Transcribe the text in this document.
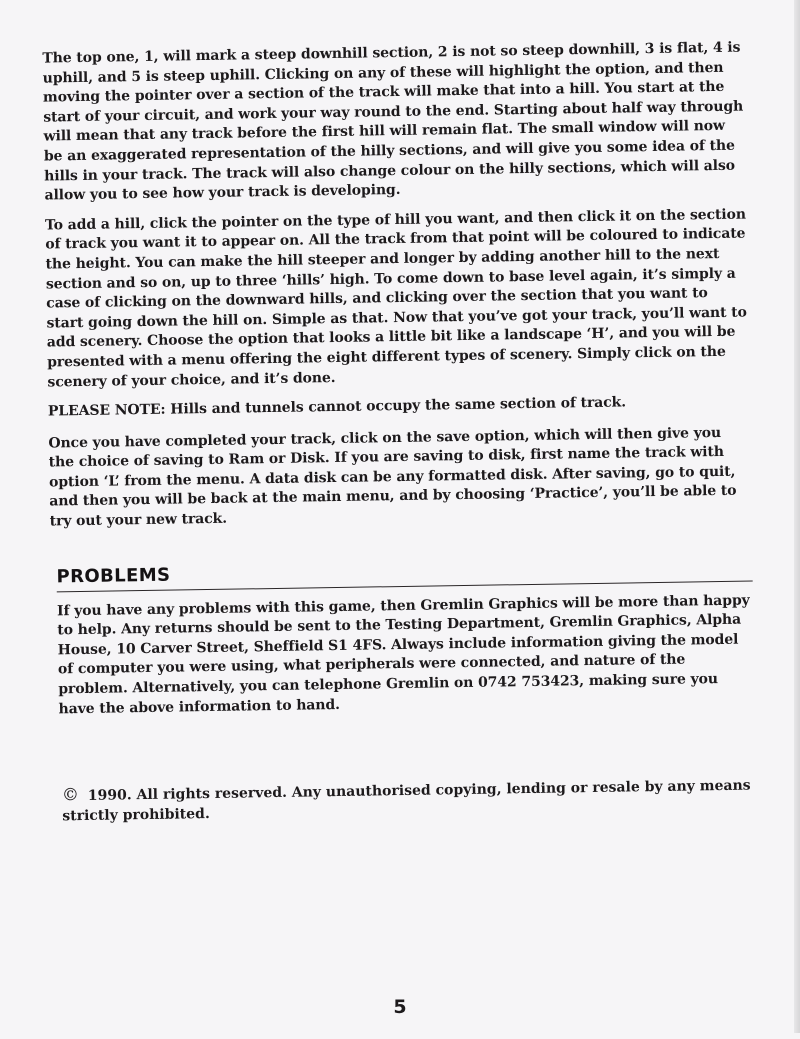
The top one, 1, will mark a steep downhill section, 2 is not so steep downhill, 3 is flat, 4 is uphill, and 5 is steep uphill. Clicking on any of these will highlight the option, and then moving the pointer over a section of the track will make that into a hill. You start at the start of your circuit, and work your way round to the end. Starting about half way through will mean that any track before the first hill will remain flat. The small window will now be an exaggerated representation of the hilly sections, and will give you some idea of the hills in your track. The track will also change colour on the hilly sections, which will also allow you to see how your track is developing.

To add a hill, click the pointer on the type of hill you want, and then click it on the section of track you want it to appear on. All the track from that point will be coloured to indicate the height. You can make the hill steeper and longer by adding another hill to the next section and so on, up to three ‘hills’ high. To come down to base level again, it’s simply a case of clicking on the downward hills, and clicking over the section that you want to start going down the hill on. Simple as that. Now that you’ve got your track, you’ll want to add scenery. Choose the option that looks a little bit like a landscape ‘H’, and you will be presented with a menu offering the eight different types of scenery. Simply click on the scenery of your choice, and it’s done.

PLEASE NOTE: Hills and tunnels cannot occupy the same section of track.

Once you have completed your track, click on the save option, which will then give you the choice of saving to Ram or Disk. If you are saving to disk, first name the track with option ‘L’ from the menu. A data disk can be any formatted disk. After saving, go to quit, and then you will be back at the main menu, and by choosing ‘Practice’, you’ll be able to try out your new track.

PROBLEMS

If you have any problems with this game, then Gremlin Graphics will be more than happy to help. Any returns should be sent to the Testing Department, Gremlin Graphics, Alpha House, 10 Carver Street, Sheffield S1 4FS. Always include information giving the model of computer you were using, what peripherals were connected, and nature of the problem. Alternatively, you can telephone Gremlin on 0742 753423, making sure you have the above information to hand.

© 1990. All rights reserved. Any unauthorised copying, lending or resale by any means strictly prohibited.
5
